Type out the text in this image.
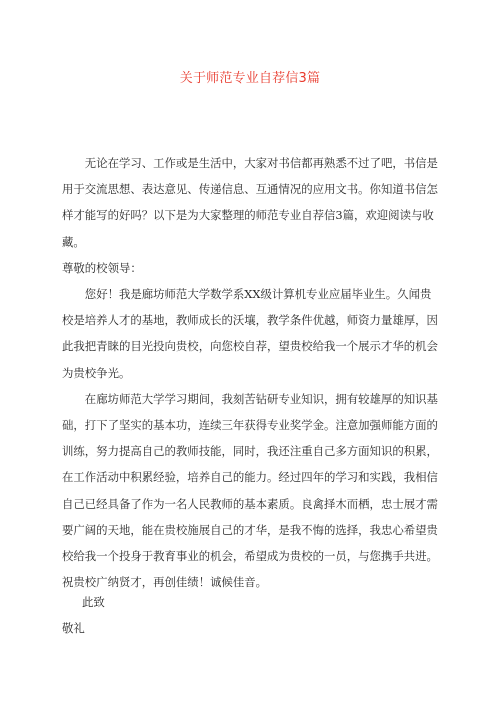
关于师范专业自荐信3篇

无论在学习、工作或是生活中，大家对书信都再熟悉不过了吧，书信是用于交流思想、表达意见、传递信息、互通情况的应用文书。你知道书信怎样才能写的好吗？以下是为大家整理的师范专业自荐信3篇，欢迎阅读与收藏。

尊敬的校领导：

您好！我是廊坊师范大学数学系XX级计算机专业应届毕业生。久闻贵校是培养人才的基地，教师成长的沃壤，教学条件优越，师资力量雄厚，因此我把青睐的目光投向贵校，向您校自荐，望贵校给我一个展示才华的机会为贵校争光。

在廊坊师范大学学习期间，我刻苦钻研专业知识，拥有较雄厚的知识基础，打下了坚实的基本功，连续三年获得专业奖学金。注意加强师能方面的训练，努力提高自己的教师技能，同时，我还注重自己多方面知识的积累，在工作活动中积累经验，培养自己的能力。经过四年的学习和实践，我相信自己已经具备了作为一名人民教师的基本素质。良禽择木而栖，忠士展才需要广阔的天地，能在贵校施展自己的才华，是我不悔的选择，我忠心希望贵校给我一个投身于教育事业的机会，希望成为贵校的一员，与您携手共进。祝贵校广纳贤才，再创佳绩！诚候佳音。

此致
敬礼
